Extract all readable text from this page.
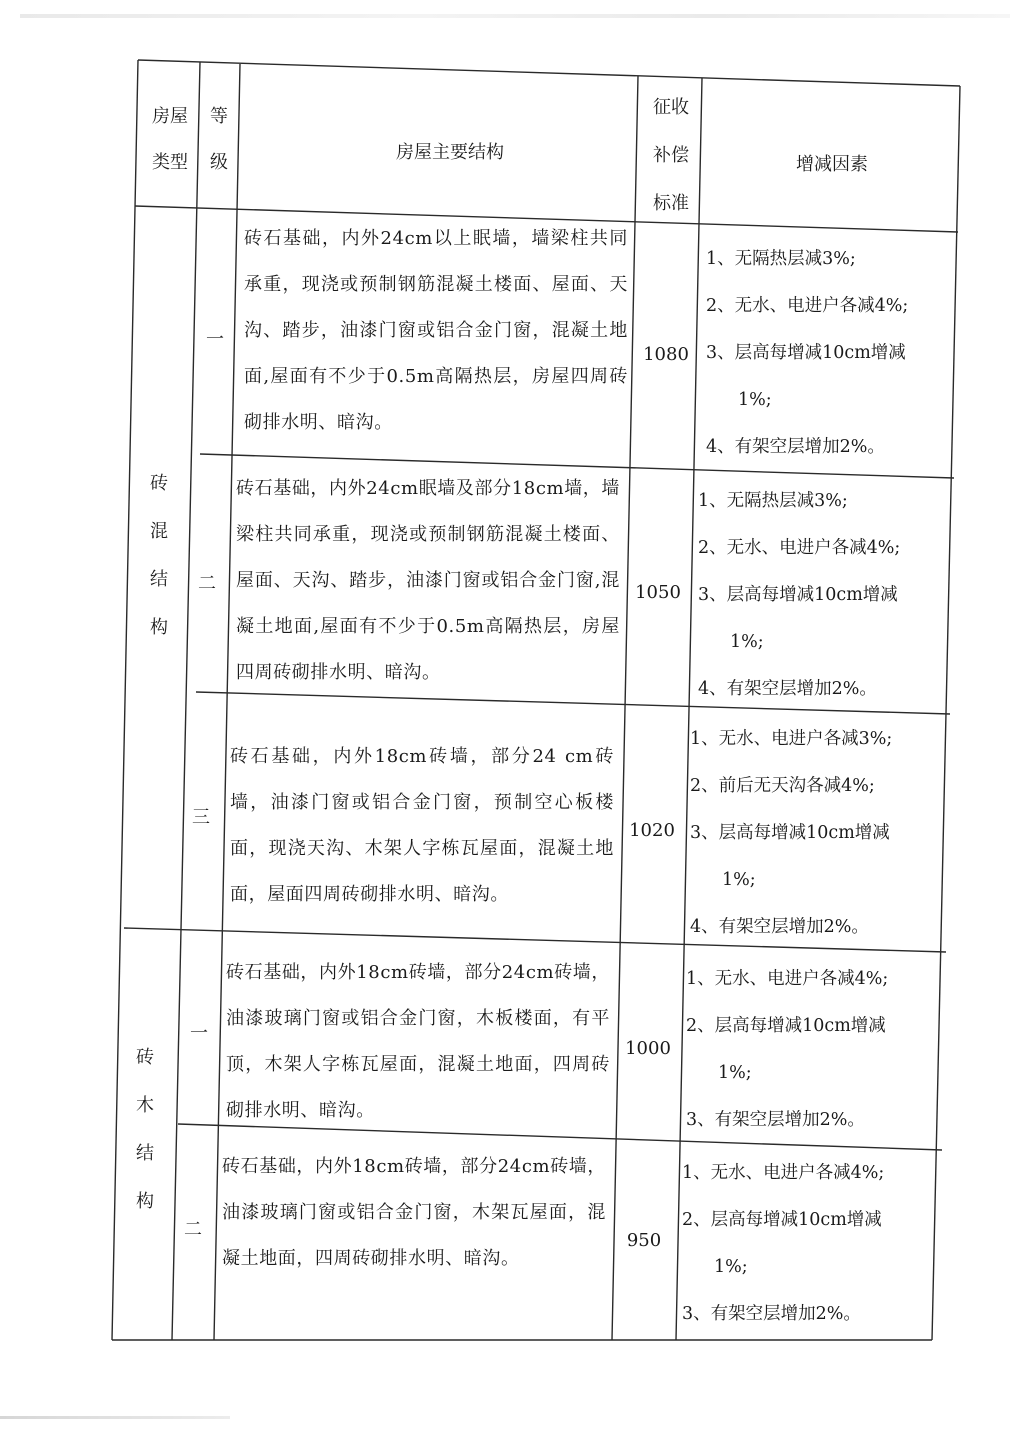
房屋
类型
等
级	房屋主要结构
征收
补偿
标准
增减因素
砖
混
结
构
一
砖石基础，内外24cm以上眠墙，墙梁柱共同承重，现浇或预制钢筋混凝土楼面、屋面、天沟、踏步，油漆门窗或铝合金门窗，混凝土地面,屋面有不少于0.5m高隔热层，房屋四周砖砌排水明、暗沟。
1080
1、无隔热层减3%;
2、无水、电进户各减4%;
3、层高每增减10cm增减
1%;
4、有架空层增加2%。
二
砖石基础，内外24cm眠墙及部分18cm墙，墙梁柱共同承重，现浇或预制钢筋混凝土楼面、屋面、天沟、踏步，油漆门窗或铝合金门窗,混凝土地面,屋面有不少于0.5m高隔热层，房屋四周砖砌排水明、暗沟。
1050
1、无隔热层减3%;
2、无水、电进户各减4%;
3、层高每增减10cm增减
1%;
4、有架空层增加2%。
三
砖石基础，内外18cm砖墙，部分24 cm砖墙，油漆门窗或铝合金门窗，预制空心板楼面，现浇天沟、木架人字栋瓦屋面，混凝土地面，屋面四周砖砌排水明、暗沟。
1020
1、无水、电进户各减3%;
2、前后无天沟各减4%;
3、层高每增减10cm增减
1%;
4、有架空层增加2%。
砖
木
结
构
一
砖石基础，内外18cm砖墙，部分24cm砖墙，油漆玻璃门窗或铝合金门窗，木板楼面，有平顶，木架人字栋瓦屋面，混凝土地面，四周砖砌排水明、暗沟。
1000
1、无水、电进户各减4%;
2、层高每增减10cm增减
1%;
3、有架空层增加2%。
二
砖石基础，内外18cm砖墙，部分24cm砖墙，油漆玻璃门窗或铝合金门窗，木架瓦屋面，混凝土地面，四周砖砌排水明、暗沟。
950
1、无水、电进户各减4%;
2、层高每增减10cm增减
1%;
3、有架空层增加2%。
